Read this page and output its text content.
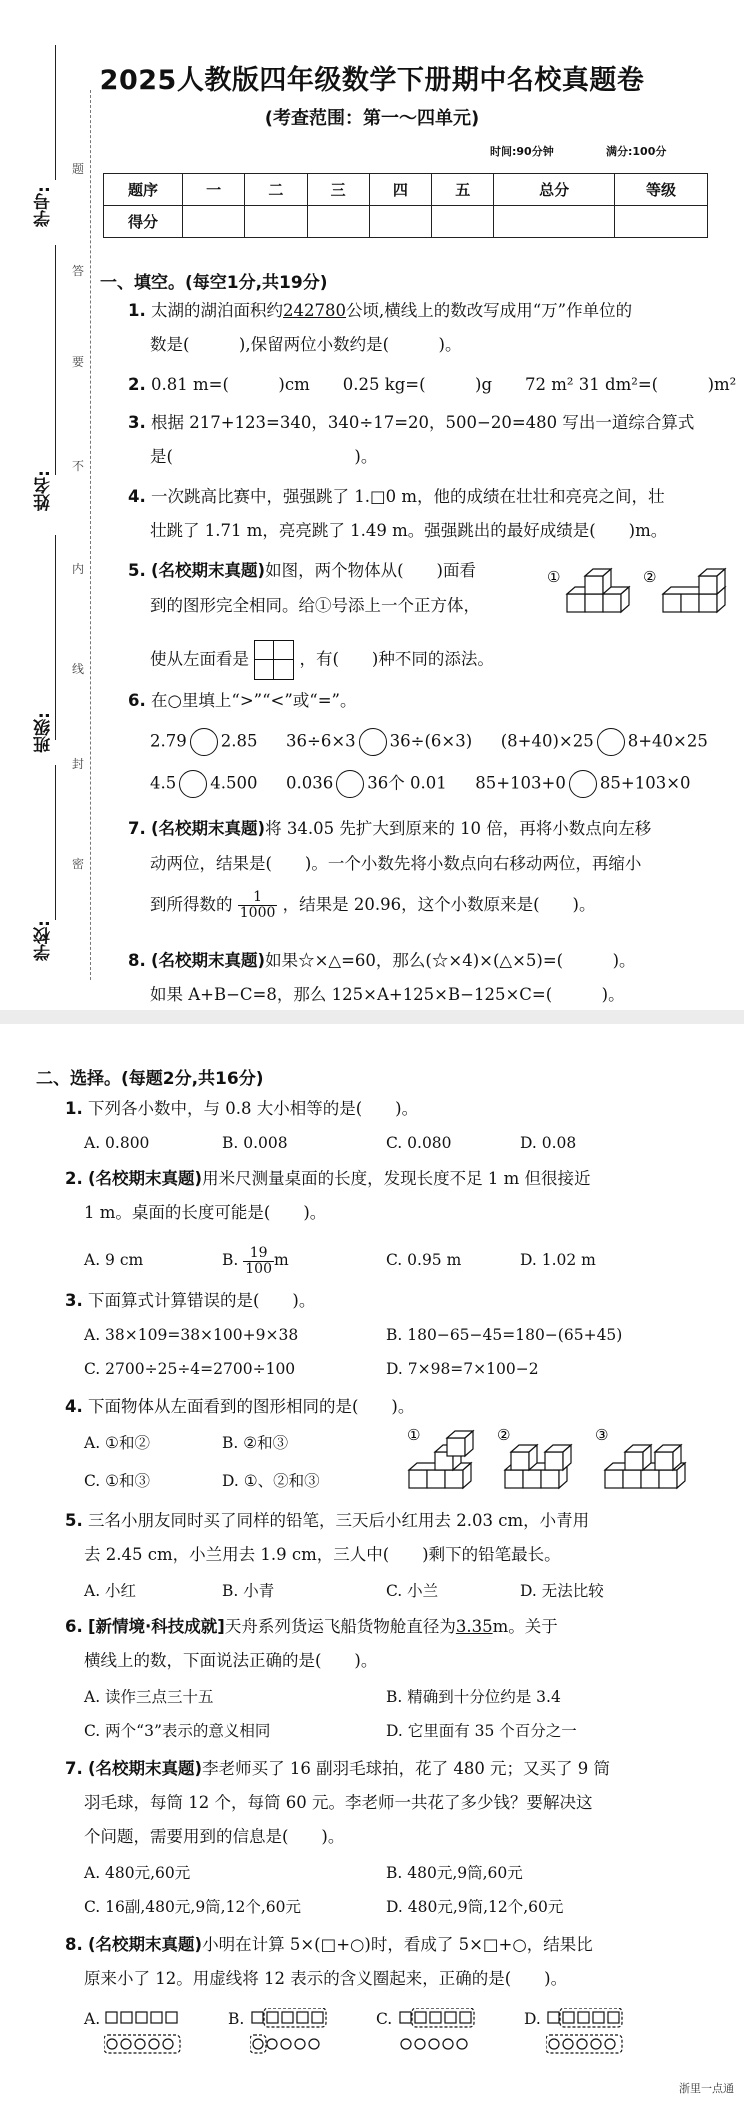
学号:
姓名:
班级:
学校:
题
答
要
不
内
线
封
密
2025人教版四年级数学下册期中名校真题卷
(考查范围：第一～四单元)
时间:90分钟	满分:100分
题序	一	二	三	四	五	总分	等级
得分							
一、填空。(每空1分,共19分)
1. 太湖的湖泊面积约242780公顷,横线上的数改写成用“万”作单位的
数是(　　　),保留两位小数约是(　　　)。
2. 0.81 m=(　　　)cm　　0.25 kg=(　　　)g　　72 m² 31 dm²=(　　　)m²
3. 根据 217+123=340，340÷17=20，500−20=480 写出一道综合算式
是(　　　　　　　　　　　)。
4. 一次跳高比赛中，强强跳了 1.□0 m，他的成绩在壮壮和亮亮之间，壮
壮跳了 1.71 m，亮亮跳了 1.49 m。强强跳出的最好成绩是(　　)m。
5. (名校期末真题)如图，两个物体从(　　)面看
到的图形完全相同。给①号添上一个正方体，
使从左面看是	，有(　　)种不同的添法。
①	②
6. 在○里填上“>”“<”或“=”。
2.79 2.85 36÷6×3 36÷(6×3) (8+40)×25 8+40×25
4.5 4.500 0.036 36个 0.01 85+103+0 85+103×0
7. (名校期末真题)将 34.05 先扩大到原来的 10 倍，再将小数点向左移
动两位，结果是(　　)。一个小数先将小数点向右移动两位，再缩小
到所得数的 $\frac{1}{1000}$ ，结果是 20.96，这个小数原来是(　　)。
8. (名校期末真题)如果☆×△=60，那么(☆×4)×(△×5)=(　　　)。
如果 A+B−C=8，那么 125×A+125×B−125×C=(　　　)。
二、选择。(每题2分,共16分)
1. 下列各小数中，与 0.8 大小相等的是(　　)。
A. 0.800	B. 0.008	C. 0.080	D. 0.08
2. (名校期末真题)用米尺测量桌面的长度，发现长度不足 1 m 但很接近
1 m。桌面的长度可能是(　　)。
A. 9 cm	B. $\frac{19}{100}$ m	C. 0.95 m	D. 1.02 m
3. 下面算式计算错误的是(　　)。
A. 38×109=38×100+9×38	B. 180−65−45=180−(65+45)
C. 2700÷25÷4=2700÷100	D. 7×98=7×100−2
4. 下面物体从左面看到的图形相同的是(　　)。
A. ①和②	B. ②和③
C. ①和③	D. ①、②和③
①	②	③
5. 三名小朋友同时买了同样的铅笔，三天后小红用去 2.03 cm，小青用
去 2.45 cm，小兰用去 1.9 cm，三人中(　　)剩下的铅笔最长。
A. 小红	B. 小青	C. 小兰	D. 无法比较
6. [新情境·科技成就]天舟系列货运飞船货物舱直径为3.35m。关于
横线上的数，下面说法正确的是(　　)。
A. 读作三点三十五	B. 精确到十分位约是 3.4
C. 两个“3”表示的意义相同	D. 它里面有 35 个百分之一
7. (名校期末真题)李老师买了 16 副羽毛球拍，花了 480 元；又买了 9 筒
羽毛球，每筒 12 个，每筒 60 元。李老师一共花了多少钱？要解决这
个问题，需要用到的信息是(　　)。
A. 480元,60元	B. 480元,9筒,60元
C. 16副,480元,9筒,12个,60元	D. 480元,9筒,12个,60元
8. (名校期末真题)小明在计算 5×(□+○)时，看成了 5×□+○，结果比
原来小了 12。用虚线将 12 表示的含义圈起来，正确的是(　　)。
A.	B.	C.	D.
浙里一点通
